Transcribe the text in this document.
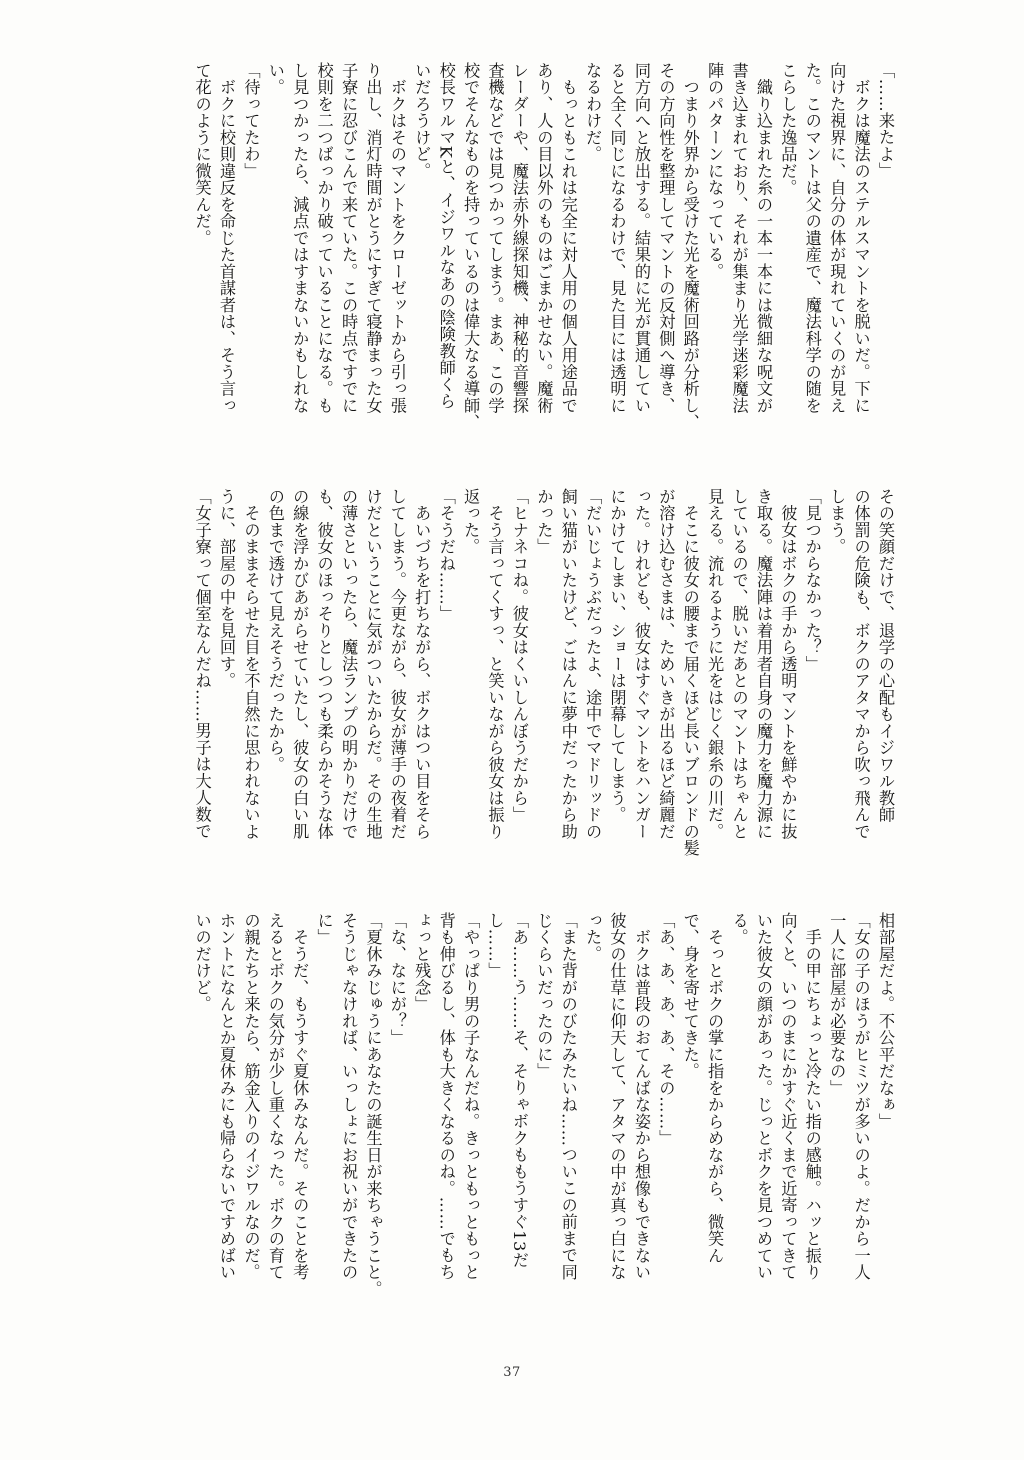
「……来たよ」
　ボクは魔法のステルスマントを脱いだ。下に
向けた視界に、自分の体が現れていくのが見え
た。このマントは父の遺産で、魔法科学の随を
こらした逸品だ。
　織り込まれた糸の一本一本には微細な呪文が
書き込まれており、それが集まり光学迷彩魔法
陣のパターンになっている。
　つまり外界から受けた光を魔術回路が分析し、
その方向性を整理してマントの反対側へ導き、
同方向へと放出する。結果的に光が貫通してい
ると全く同じになるわけで、見た目には透明に
なるわけだ。
　もっともこれは完全に対人用の個人用途品で
あり、人の目以外のものはごまかせない。魔術
レーダーや、魔法赤外線探知機、神秘的音響探
査機などでは見つかってしまう。まあ、この学
校でそんなものを持っているのは偉大なる導師、
校長ワルマKと、イジワルなあの陰険教師くら
いだろうけど。
　ボクはそのマントをクローゼットから引っ張
り出し、消灯時間がとうにすぎて寝静まった女
子寮に忍びこんで来ていた。この時点ですでに
校則を二つばっかり破っていることになる。も
し見つかったら、減点ではすまないかもしれな
い。
「待ってたわ」
　ボクに校則違反を命じた首謀者は、そう言っ
て花のように微笑んだ。
その笑顔だけで、退学の心配もイジワル教師
の体罰の危険も、ボクのアタマから吹っ飛んで
しまう。
「見つからなかった？」
　彼女はボクの手から透明マントを鮮やかに抜
き取る。魔法陣は着用者自身の魔力を魔力源に
しているので、脱いだあとのマントはちゃんと
見える。流れるように光をはじく銀糸の川だ。
　そこに彼女の腰まで届くほど長いブロンドの髪
が溶け込むさまは、ためいきが出るほど綺麗だ
った。けれども、彼女はすぐマントをハンガー
にかけてしまい、ショーは閉幕してしまう。
「だいじょうぶだったよ、途中でマドリッドの
飼い猫がいたけど、ごはんに夢中だったから助
かった」
「ヒナネコね。彼女はくいしんぼうだから」
　そう言ってくすっ、と笑いながら彼女は振り
返った。
「そうだね……」
　あいづちを打ちながら、ボクはつい目をそら
してしまう。今更ながら、彼女が薄手の夜着だ
けだということに気がついたからだ。その生地
の薄さといったら、魔法ランプの明かりだけで
も、彼女のほっそりとしつつも柔らかそうな体
の線を浮かびあがらせていたし、彼女の白い肌
の色まで透けて見えそうだったから。
　そのままそらせた目を不自然に思われないよ
うに、部屋の中を見回す。
「女子寮って個室なんだね……男子は大人数で
相部屋だよ。不公平だなぁ」
「女の子のほうがヒミツが多いのよ。だから一人
一人に部屋が必要なの」
　手の甲にちょっと冷たい指の感触。ハッと振り
向くと、いつのまにかすぐ近くまで近寄ってきて
いた彼女の顔があった。じっとボクを見つめてい
る。
　そっとボクの掌に指をからめながら、微笑ん
で、身を寄せてきた。
「あ、あ、あ、あ、その……」
　ボクは普段のおてんばな姿から想像もできない
彼女の仕草に仰天して、アタマの中が真っ白にな
った。
「また背がのびたみたいね……ついこの前まで同
じくらいだったのに」
「あ……う……そ、そりゃボクももうすぐ13だ
し……」
「やっぱり男の子なんだね。きっともっともっと
背も伸びるし、体も大きくなるのね。……でもち
ょっと残念」
「な、なにが？」
「夏休みじゅうにあなたの誕生日が来ちゃうこと。
そうじゃなければ、いっしょにお祝いができたの
に」
　そうだ、もうすぐ夏休みなんだ。そのことを考
えるとボクの気分が少し重くなった。ボクの育て
の親たちと来たら、筋金入りのイジワルなのだ。
ホントになんとか夏休みにも帰らないですめばい
いのだけど。
37
